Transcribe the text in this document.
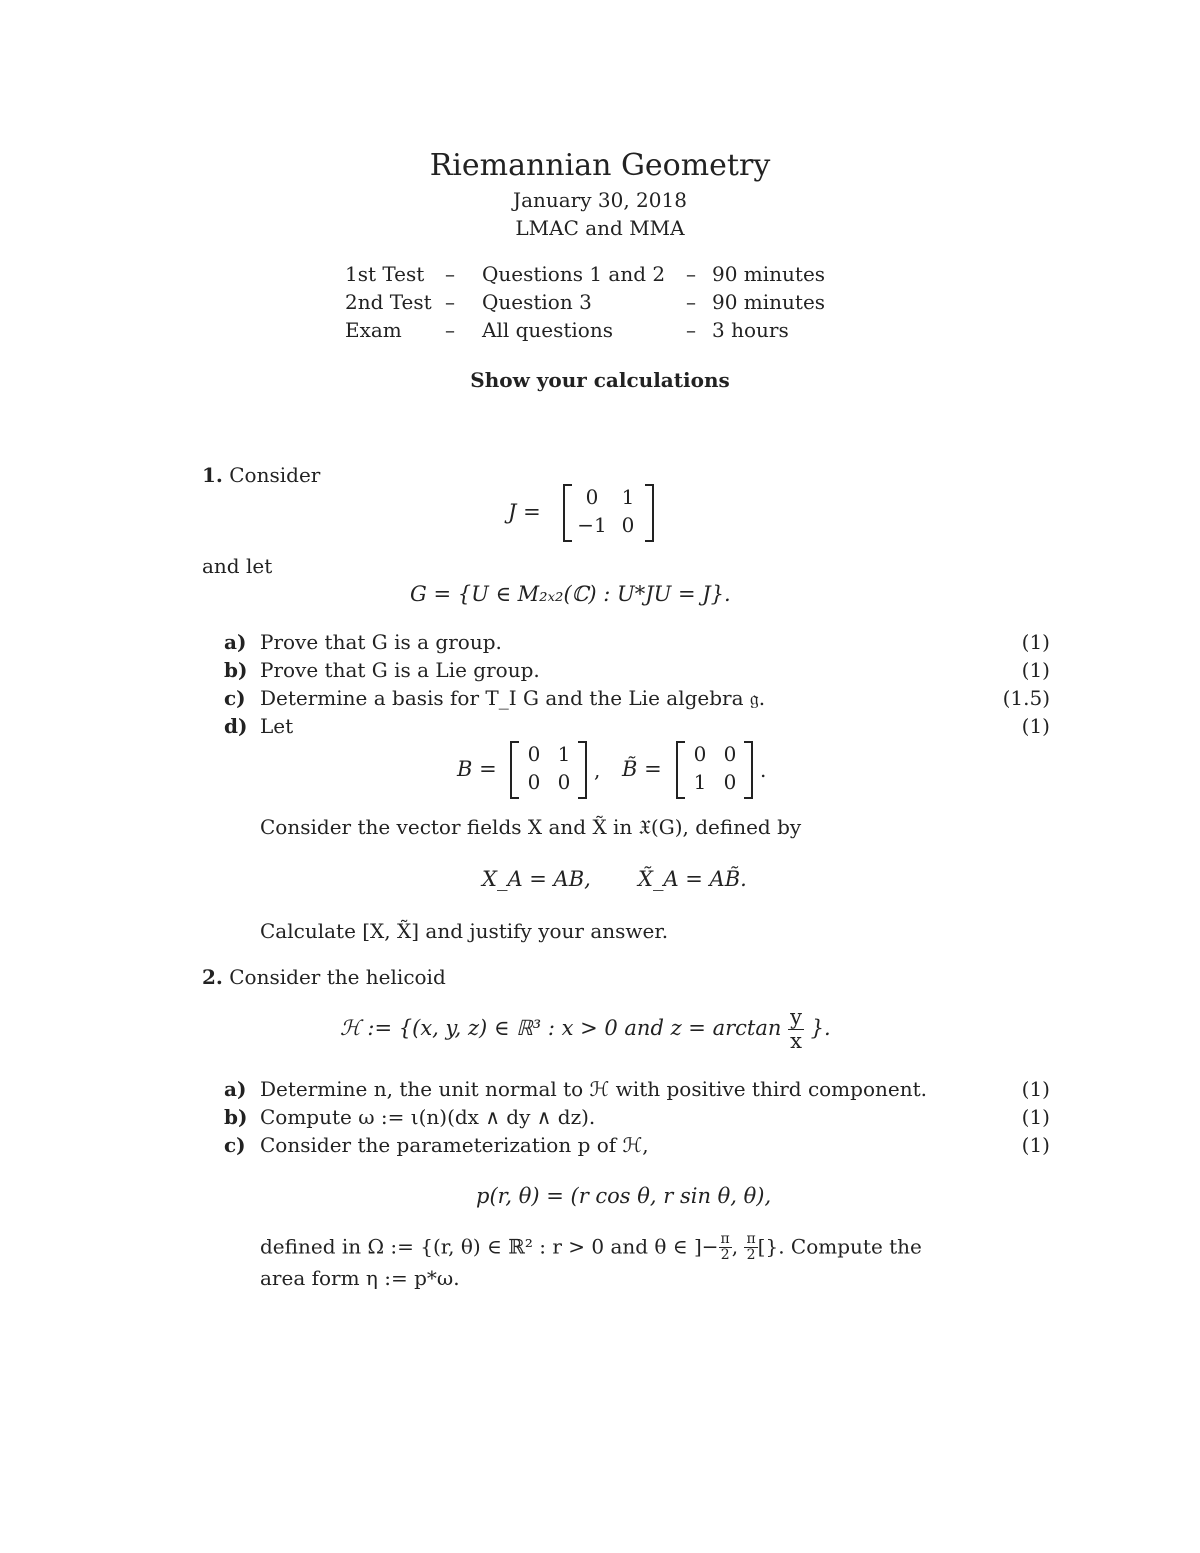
Riemannian Geometry
January 30, 2018
LMAC and MMA
1st Test – Questions 1 and 2 – 90 minutes
2nd Test – Question 3	– 90 minutes
Exam – All questions	– 3 hours
Show your calculations
1. Consider
J =
0	1
−1 0
and let
G = {U ∈ M₂ₓ₂(ℂ) : U*JU = J}.
a) Prove that G is a group.	(1)
b) Prove that G is a Lie group.	(1)
c) Determine a basis for T_I G and the Lie algebra 𝔤.	(1.5)
d) Let	(1)
B =
0 1
0 0	, B̃ =
0 0
1 0	.
Consider the vector fields X and X̃ in 𝔛(G), defined by
X_A = AB, X̃_A = AB̃.
Calculate [X, X̃] and justify your answer.
2. Consider the helicoid
ℋ := {(x, y, z) ∈ ℝ³ : x > 0 and $z = \arctan \frac{y}{x}$ }.
a) Determine n, the unit normal to ℋ with positive third component.	(1)
b) Compute ω := ι(n)(dx ∧ dy ∧ dz).	(1)
c) Consider the parameterization p of ℋ,	(1)
p(r, θ) = (r cos θ, r sin θ, θ),
defined in Ω := {(r, θ) ∈ ℝ² : r > 0 and θ ∈ ]− $\frac{\pi}{2}$ , $\frac{\pi}{2}$ [}. Compute the
area form η := p*ω.
